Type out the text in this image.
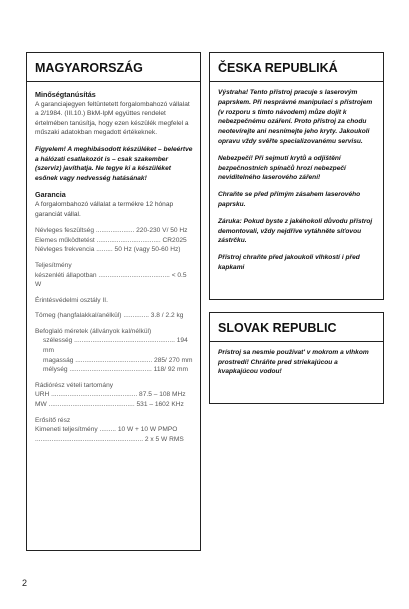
MAGYARORSZÁG
Minőségtanúsítás

A garanciajegyen feltüntetett forgalombahozó vállalat a 2/1984. (III.10.) BkM-IpM együttes rendelet értelmében tanúsítja, hogy ezen készülék megfelel a műszaki adatokban megadott értékeknek.

Figyelem! A meghibásodott készüléket – beleértve a hálózati csatlakozót is – csak szakember (szerviz) javíthatja. Ne tegye ki a készüléket esőnek vagy nedvesség hatásának!

Garancia

A forgalombahozó vállalat a termékre 12 hónap garanciát vállal.

Névleges feszültség ..................... 220-230 V/ 50 Hz
Elemes működtetést ................................... CR2025
Névleges frekvencia ......... 50 Hz (vagy 50-60 Hz)
Teljesítmény
készenléti állapotban ....................................... < 0.5 W
Érintésvédelmi osztály II.
Tömeg (hangfalakkal/anélkül) .............. 3.8 / 2.2 kg
Befoglaló méretek (állványok kal/nélkül)
szélesség ....................................................... 194 mm
magasság .......................................... 285/ 270 mm
mélység ............................................. 118/ 92 mm
Rádiórész vételi tartomány
URH ............................................... 87.5 – 108 MHz
MW ............................................... 531 – 1602 KHz
Erősítő rész
Kimeneti teljesítmény ......... 10 W + 10 W PMPO
........................................................... 2 x 5 W RMS
ČESKA REPUBLIKÁ

Výstraha! Tento přístroj pracuje s laserovým paprskem. Při nesprávné manipulaci s přístrojem (v rozporu s tímto návodem) můze dojít k nebezpečnému ozáření. Proto přístroj za chodu neotevírejte ani nesnímejte jeho kryty. Jakoukoli opravu vždy svěřte specializovanému servisu.

Nebezpečí! Při sejmutí krytů a odjištění bezpečnostních spínačů hrozí nebezpečí neviditelného laserového záření!

Chraňte se před přímým zásahem laserového paprsku.

Záruka: Pokud byste z jakéhokoli důvodu přístroj demontovali, vždy nejdříve vytáhněte síťovou zástrčku.

Přístroj chraňte před jakoukoli vlhkostí i před kapkami

SLOVAK REPUBLIC

Prístroj sa nesmie používat' v mokrom a vlhkom prostredí! Chráňte pred striekajúcou a kvapkajúcou vodou!

2
